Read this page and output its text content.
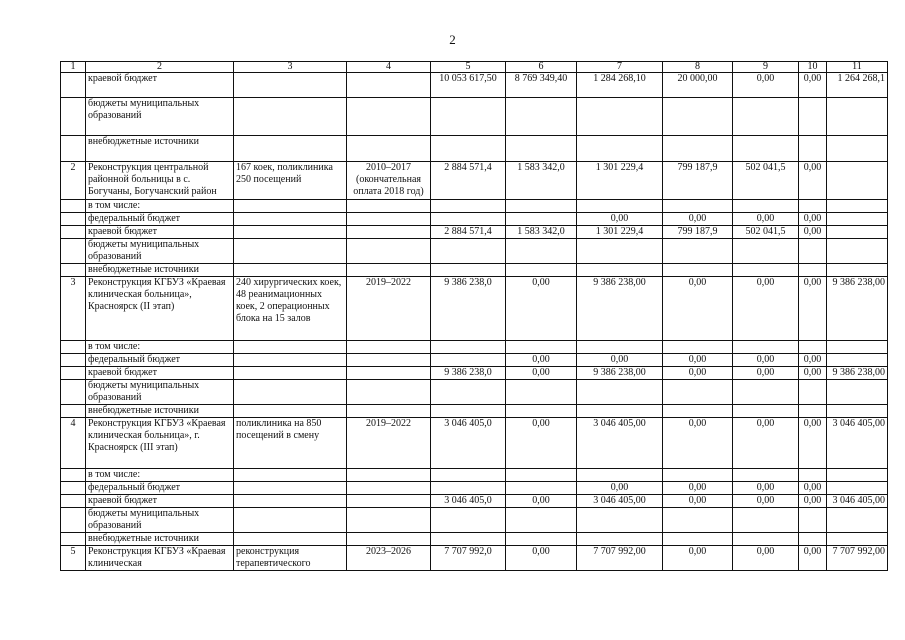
2
1	2	3	4	5	6	7	8	9	10	11
	краевой бюджет			10 053 617,50	8 769 349,40	1 284 268,10	20 000,00	0,00	0,00	1 264 268,1
	бюджеты муниципальных образований									
	внебюджетные источники									
2	Реконструкция центральной районной больницы в с. Богучаны, Богучанский район	167 коек, поликлиника 250 посещений	2010–2017 (окончательная оплата 2018 год)	2 884 571,4	1 583 342,0	1 301 229,4	799 187,9	502 041,5	0,00	
	в том числе:									
	федеральный бюджет					0,00	0,00	0,00	0,00	
	краевой бюджет			2 884 571,4	1 583 342,0	1 301 229,4	799 187,9	502 041,5	0,00	
	бюджеты муниципальных образований									
	внебюджетные источники									
3	Реконструкция КГБУЗ «Краевая клиническая больница», Красноярск (II этап)	240 хирургических коек, 48 реанимационных коек, 2 операционных блока на 15 залов	2019–2022	9 386 238,0	0,00	9 386 238,00	0,00	0,00	0,00	9 386 238,00
	в том числе:									
	федеральный бюджет				0,00	0,00	0,00	0,00	0,00	
	краевой бюджет			9 386 238,0	0,00	9 386 238,00	0,00	0,00	0,00	9 386 238,00
	бюджеты муниципальных образований									
	внебюджетные источники									
4	Реконструкция КГБУЗ «Краевая клиническая больница», г. Красноярск (III этап)	поликлиника на 850 посещений в смену	2019–2022	3 046 405,0	0,00	3 046 405,00	0,00	0,00	0,00	3 046 405,00
	в том числе:									
	федеральный бюджет					0,00	0,00	0,00	0,00	
	краевой бюджет			3 046 405,0	0,00	3 046 405,00	0,00	0,00	0,00	3 046 405,00
	бюджеты муниципальных образований									
	внебюджетные источники									
5	Реконструкция КГБУЗ «Краевая клиническая	реконструкция терапевтического	2023–2026	7 707 992,0	0,00	7 707 992,00	0,00	0,00	0,00	7 707 992,00
